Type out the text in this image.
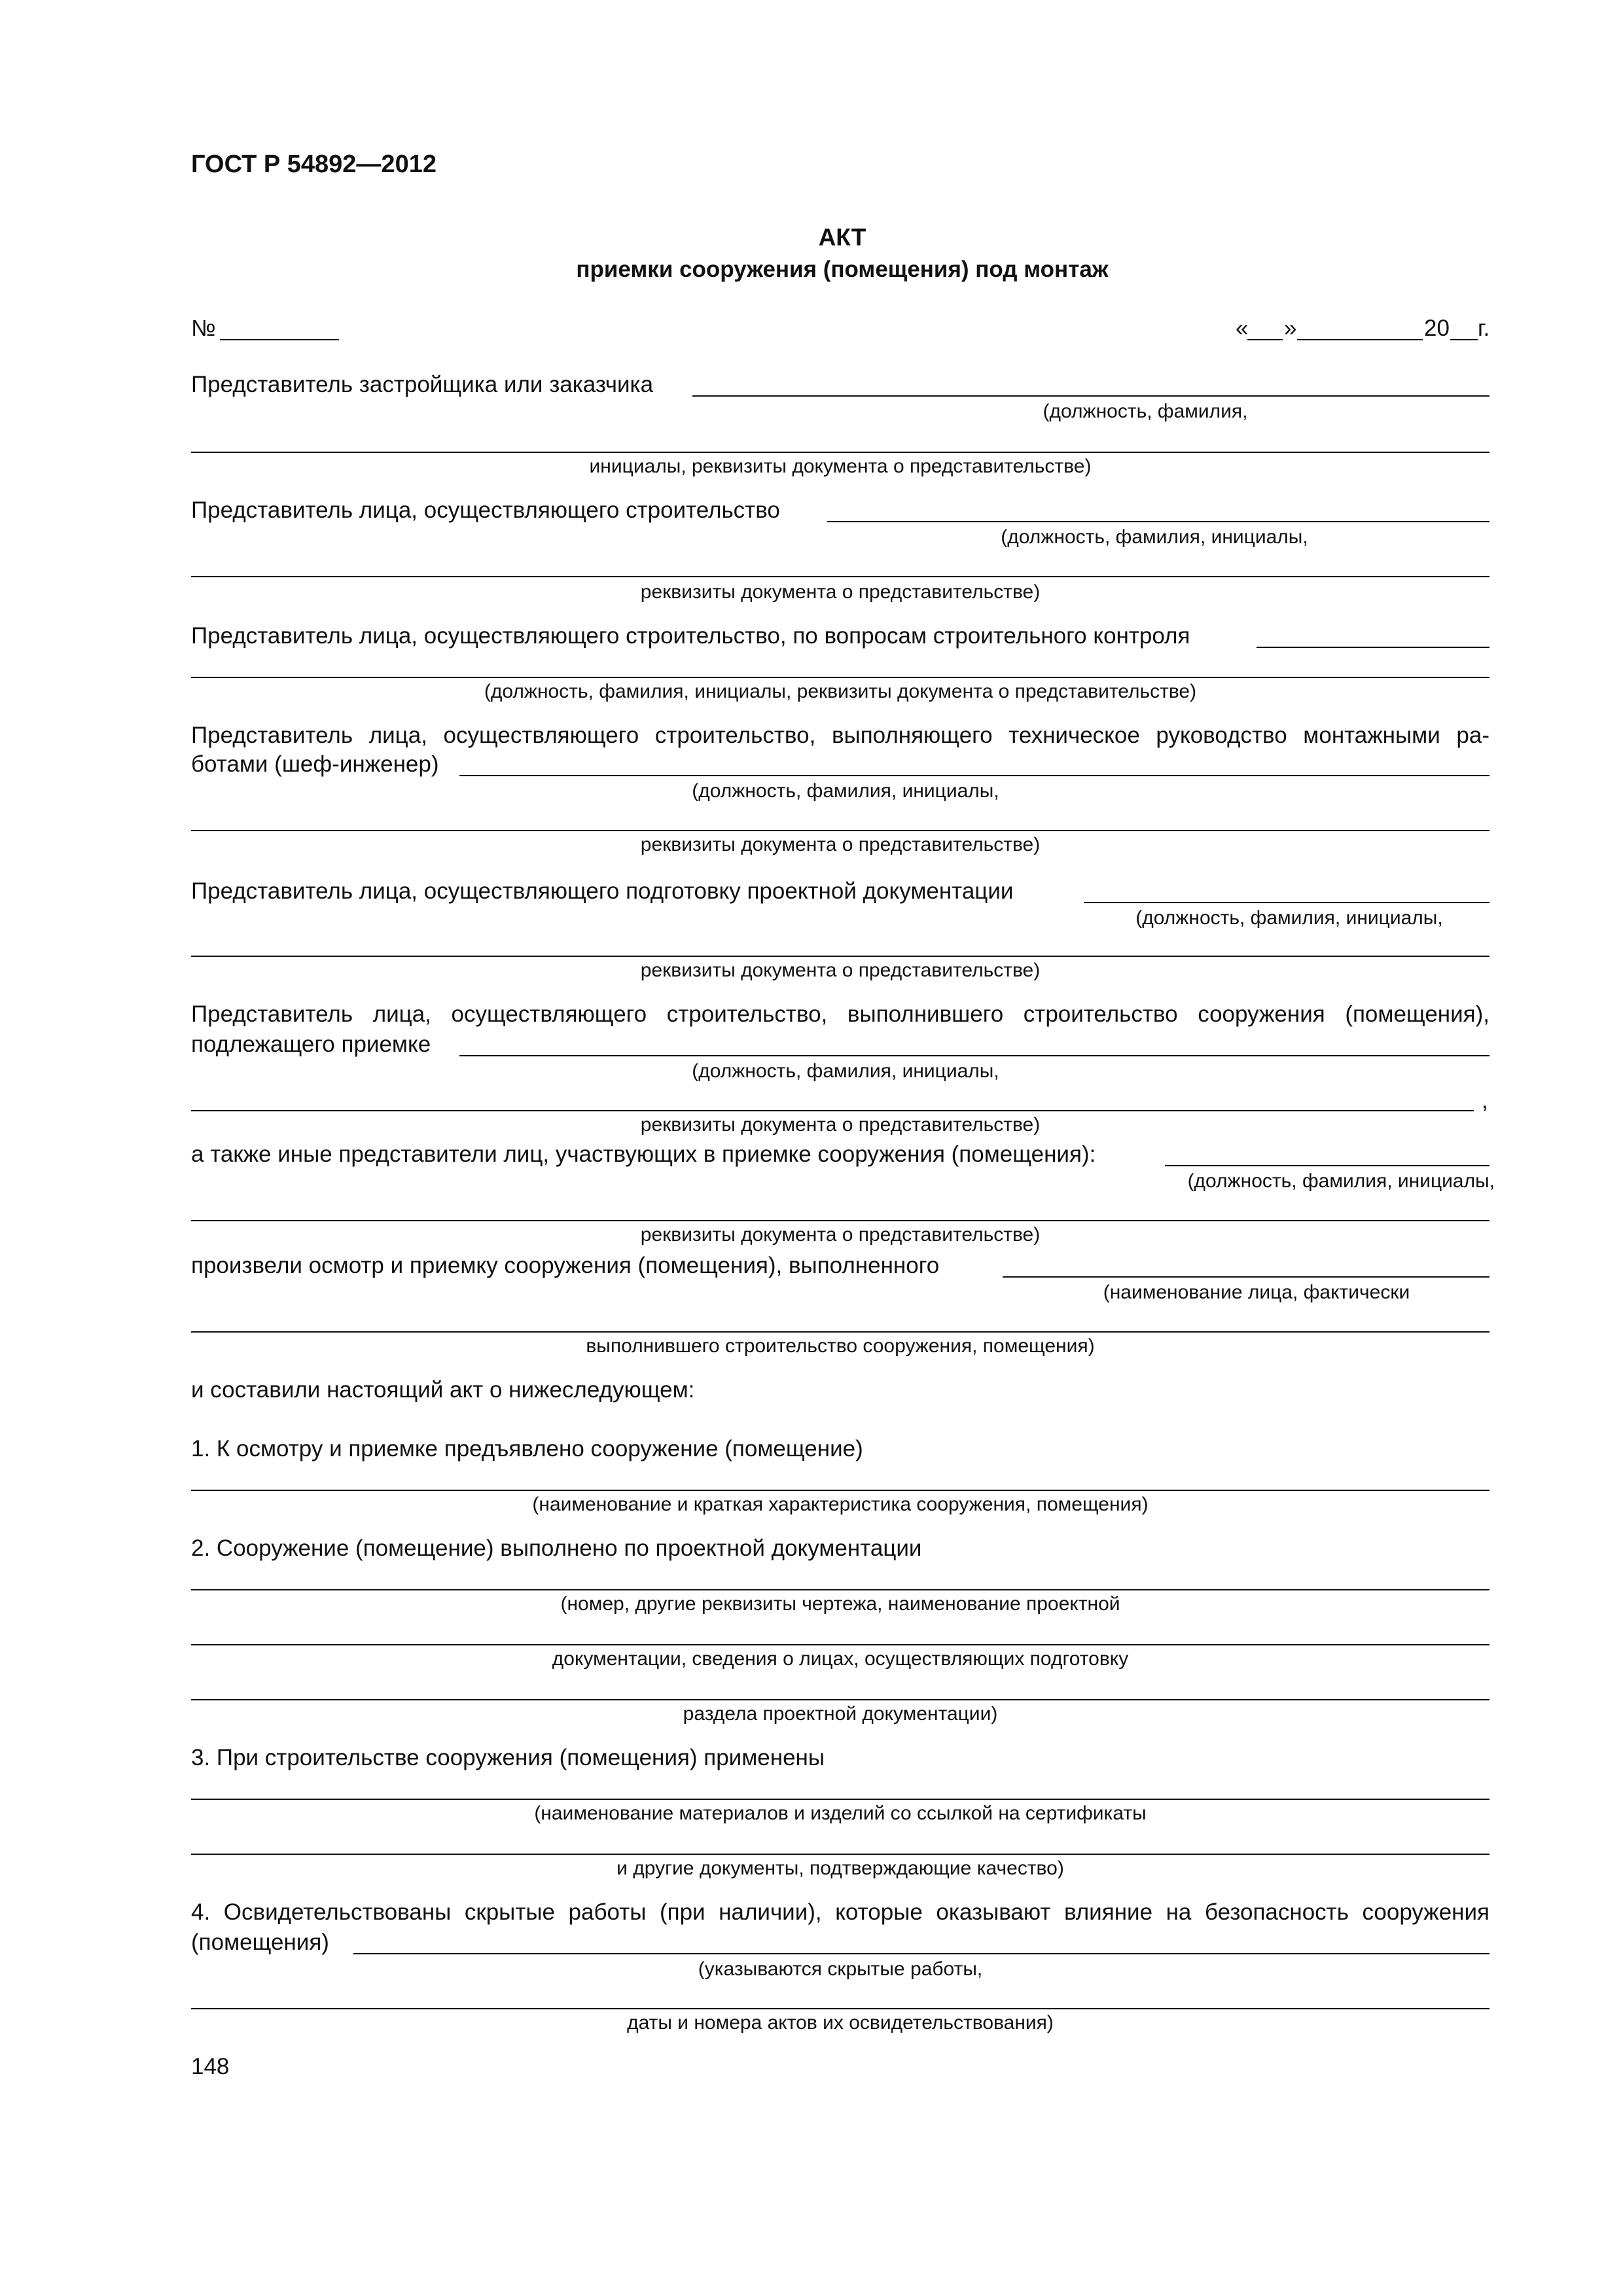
ГОСТ Р 54892—2012
АКТ
приемки сооружения (помещения) под монтаж
№	« »	20 г.
Представитель застройщика или заказчика
(должность, фамилия,
инициалы, реквизиты документа о представительстве)
Представитель лица, осуществляющего строительство
(должность, фамилия, инициалы,
реквизиты документа о представительстве)
Представитель лица, осуществляющего строительство, по вопросам строительного контроля
(должность, фамилия, инициалы, реквизиты документа о представительстве)
Представитель лица, осуществляющего строительство, выполняющего техническое руководство монтажными ра-
ботами (шеф-инженер)
(должность, фамилия, инициалы,
реквизиты документа о представительстве)
Представитель лица, осуществляющего подготовку проектной документации
(должность, фамилия, инициалы,
реквизиты документа о представительстве)
Представитель лица, осуществляющего строительство, выполнившего строительство сооружения (помещения),
подлежащего приемке
(должность, фамилия, инициалы,
,
реквизиты документа о представительстве)
а также иные представители лиц, участвующих в приемке сооружения (помещения):
(должность, фамилия, инициалы,
реквизиты документа о представительстве)
произвели осмотр и приемку сооружения (помещения), выполненного
(наименование лица, фактически
выполнившего строительство сооружения, помещения)
и составили настоящий акт о нижеследующем:
1. К осмотру и приемке предъявлено сооружение (помещение)
(наименование и краткая характеристика сооружения, помещения)
2. Сооружение (помещение) выполнено по проектной документации
(номер, другие реквизиты чертежа, наименование проектной
документации, сведения о лицах, осуществляющих подготовку
раздела проектной документации)
3. При строительстве сооружения (помещения) применены
(наименование материалов и изделий со ссылкой на сертификаты
и другие документы, подтверждающие качество)
4. Освидетельствованы скрытые работы (при наличии), которые оказывают влияние на безопасность сооружения
(помещения)
(указываются скрытые работы,
даты и номера актов их освидетельствования)
148
